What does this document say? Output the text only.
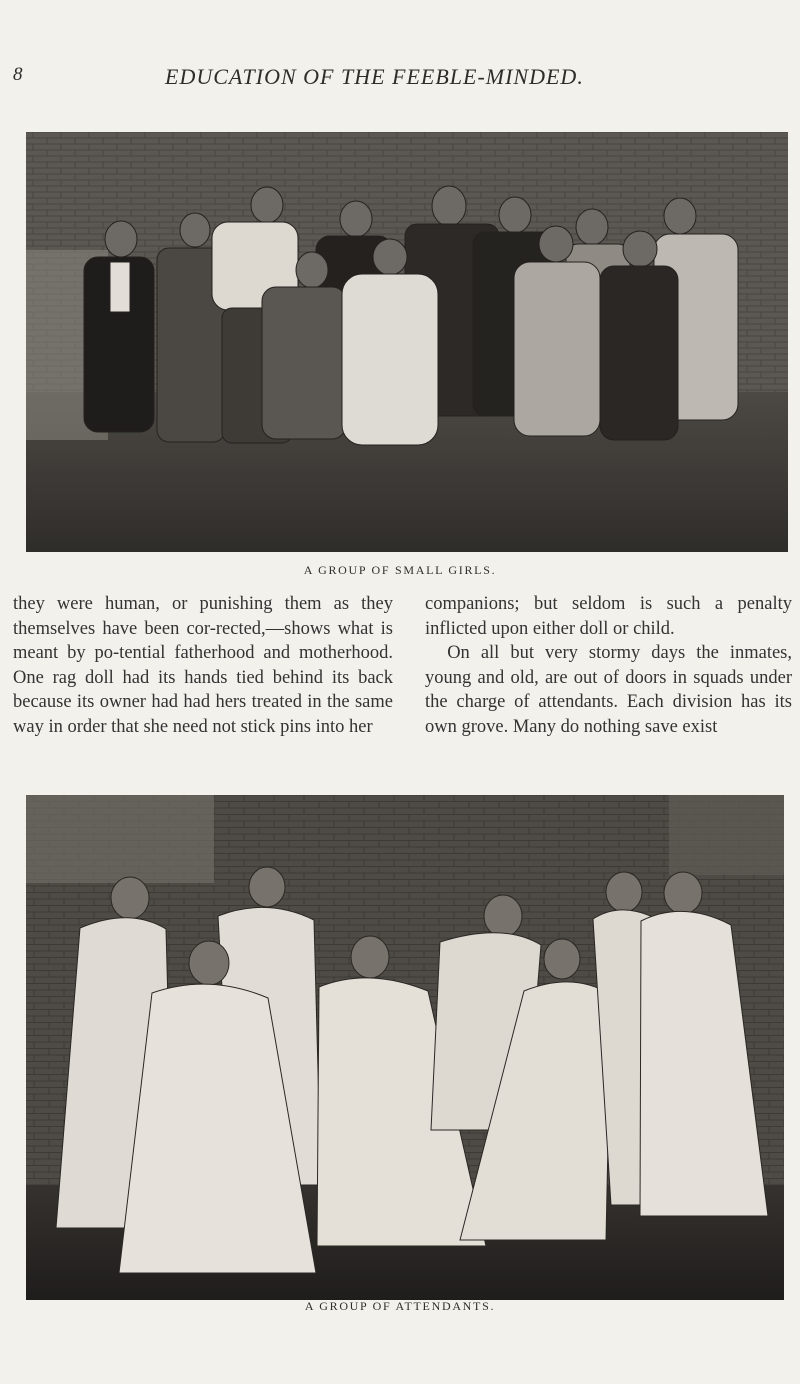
8	EDUCATION OF THE FEEBLE-MINDED.
A GROUP OF SMALL GIRLS.

they were human, or punishing them as they themselves have been cor-rected,—shows what is meant by po-tential fatherhood and motherhood. One rag doll had its hands tied behind its back because its owner had had hers treated in the same way in order that she need not stick pins into her

companions; but seldom is such a penalty inflicted upon either doll or child.

On all but very stormy days the inmates, young and old, are out of doors in squads under the charge of attendants. Each division has its own grove. Many do nothing save exist

A GROUP OF ATTENDANTS.
